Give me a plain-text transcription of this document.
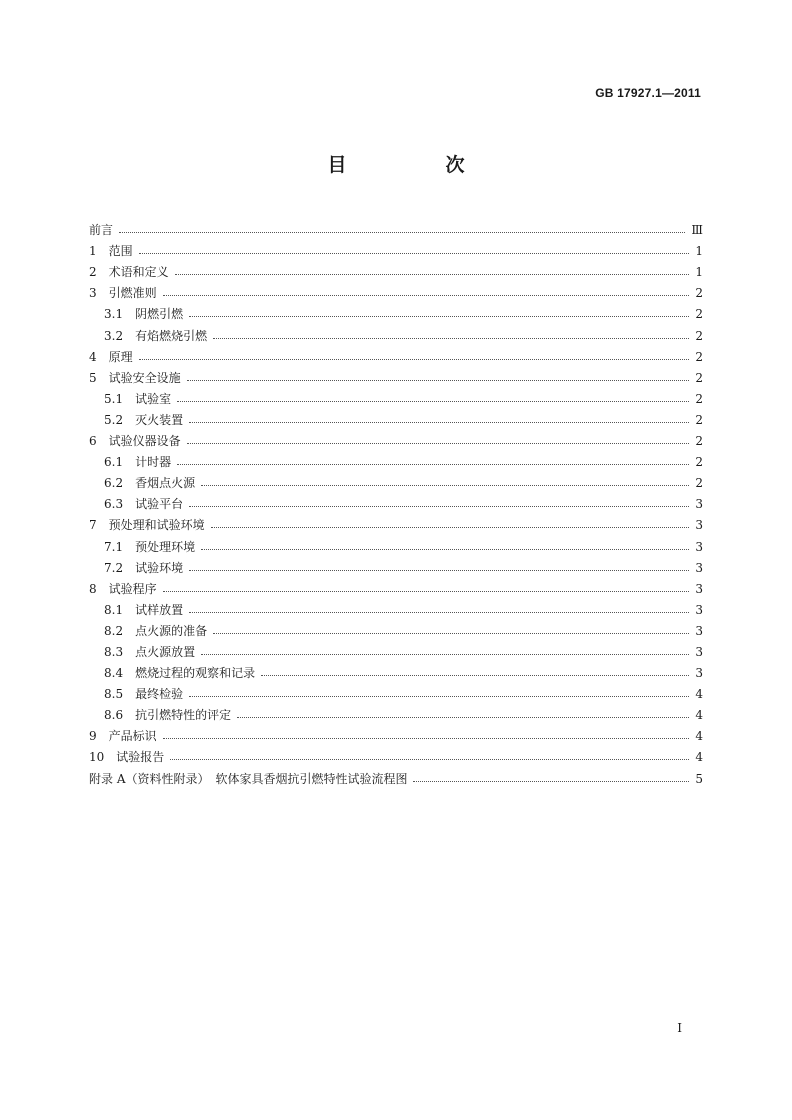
GB 17927.1—2011
目　次
前言	Ⅲ
1 范围	1
2 术语和定义	1
3 引燃准则	2
3.1 阴燃引燃	2
3.2 有焰燃烧引燃	2
4 原理	2
5 试验安全设施	2
5.1 试验室	2
5.2 灭火装置	2
6 试验仪器设备	2
6.1 计时器	2
6.2 香烟点火源	2
6.3 试验平台	3
7 预处理和试验环境	3
7.1 预处理环境	3
7.2 试验环境	3
8 试验程序	3
8.1 试样放置	3
8.2 点火源的准备	3
8.3 点火源放置	3
8.4 燃烧过程的观察和记录	3
8.5 最终检验	4
8.6 抗引燃特性的评定	4
9 产品标识	4
10 试验报告	4
附录 A（资料性附录）　软体家具香烟抗引燃特性试验流程图	5
I
